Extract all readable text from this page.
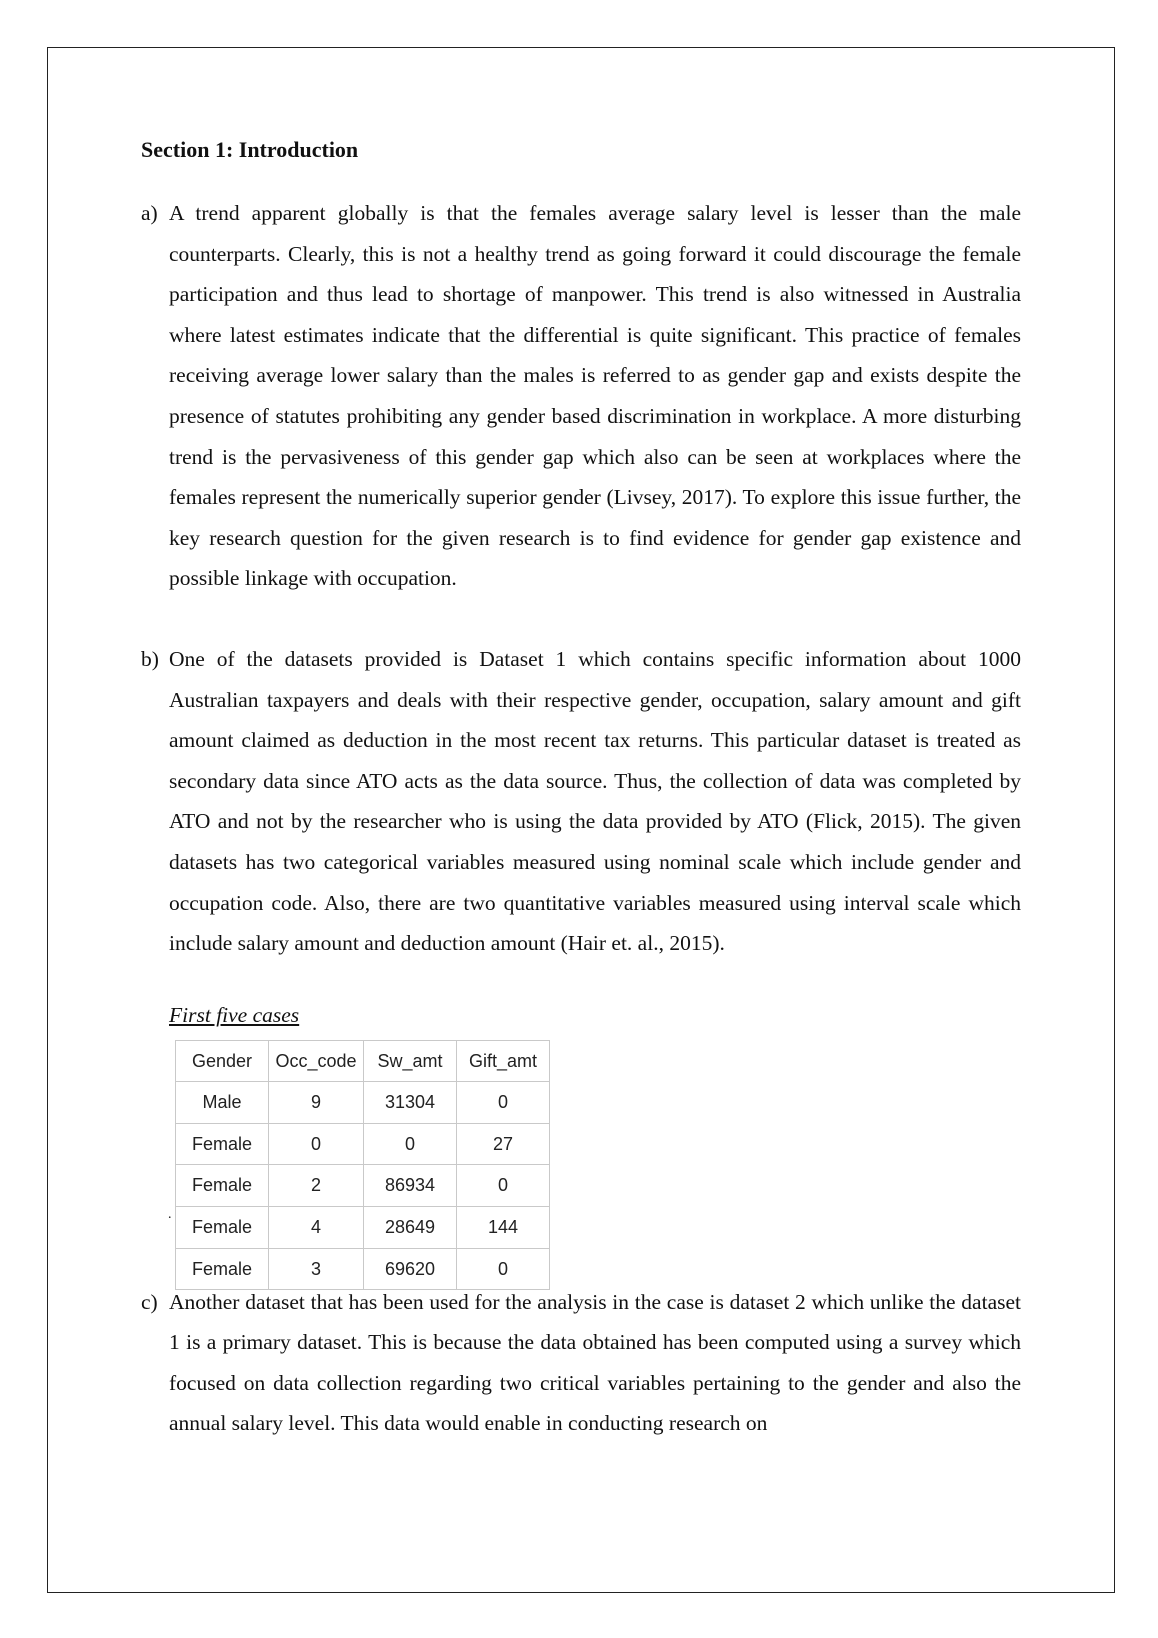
Section 1: Introduction
a) A trend apparent globally is that the females average salary level is lesser than the male counterparts. Clearly, this is not a healthy trend as going forward it could discourage the female participation and thus lead to shortage of manpower. This trend is also witnessed in Australia where latest estimates indicate that the differential is quite significant. This practice of females receiving average lower salary than the males is referred to as gender gap and exists despite the presence of statutes prohibiting any gender based discrimination in workplace. A more disturbing trend is the pervasiveness of this gender gap which also can be seen at workplaces where the females represent the numerically superior gender (Livsey, 2017). To explore this issue further, the key research question for the given research is to find evidence for gender gap existence and possible linkage with occupation.
b) One of the datasets provided is Dataset 1 which contains specific information about 1000 Australian taxpayers and deals with their respective gender, occupation, salary amount and gift amount claimed as deduction in the most recent tax returns. This particular dataset is treated as secondary data since ATO acts as the data source. Thus, the collection of data was completed by ATO and not by the researcher who is using the data provided by ATO (Flick, 2015). The given datasets has two categorical variables measured using nominal scale which include gender and occupation code. Also, there are two quantitative variables measured using interval scale which include salary amount and deduction amount (Hair et. al., 2015).
First five cases
.
Gender	Occ_code	Sw_amt	Gift_amt
Male	9	31304	0
Female	0	0	27
Female	2	86934	0
Female	4	28649	144
Female	3	69620	0
c) Another dataset that has been used for the analysis in the case is dataset 2 which unlike the dataset 1 is a primary dataset. This is because the data obtained has been computed using a survey which focused on data collection regarding two critical variables pertaining to the gender and also the annual salary level. This data would enable in conducting research on
